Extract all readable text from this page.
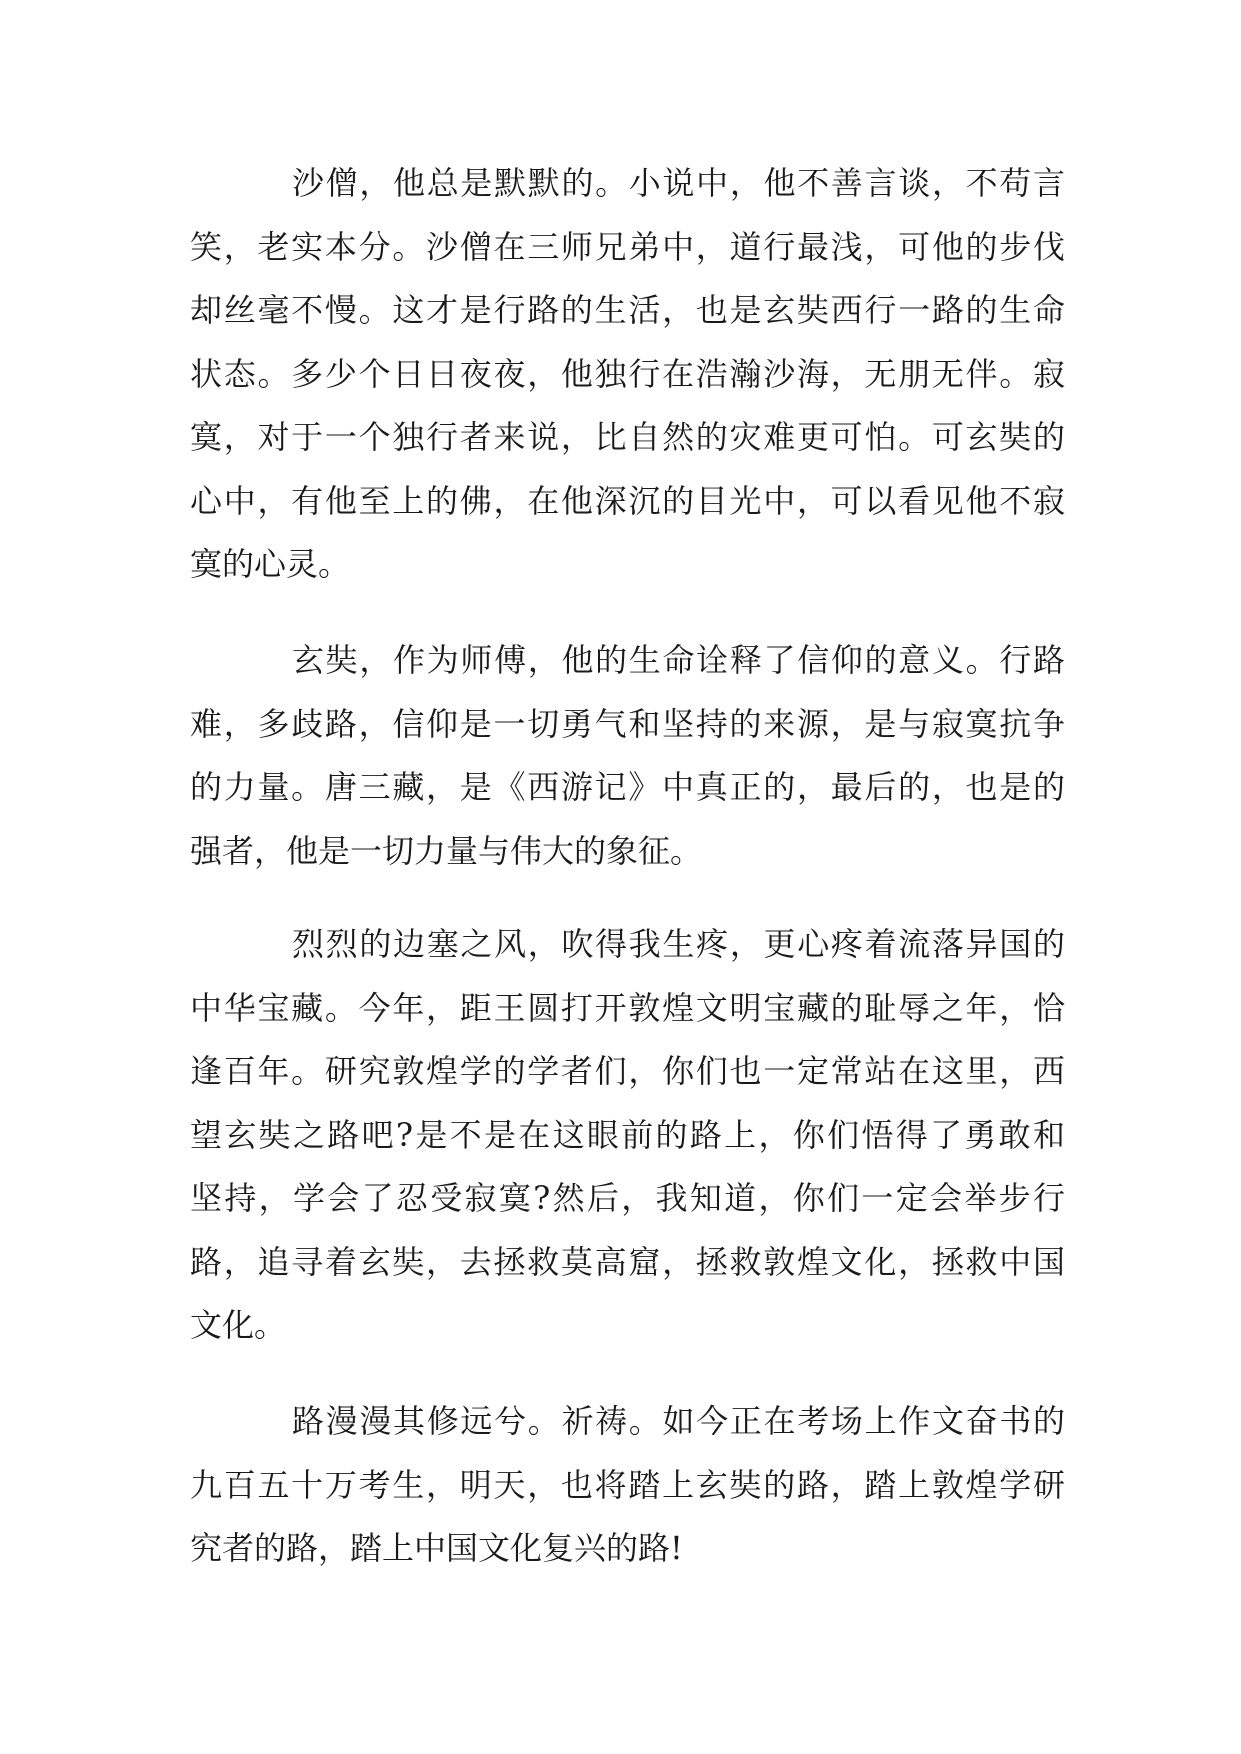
沙僧，他总是默默的。小说中，他不善言谈，不苟言
笑，老实本分。沙僧在三师兄弟中，道行最浅，可他的步伐
却丝毫不慢。这才是行路的生活，也是玄奘西行一路的生命
状态。多少个日日夜夜，他独行在浩瀚沙海，无朋无伴。寂
寞，对于一个独行者来说，比自然的灾难更可怕。可玄奘的
心中，有他至上的佛，在他深沉的目光中，可以看见他不寂
寞的心灵。
玄奘，作为师傅，他的生命诠释了信仰的意义。行路
难，多歧路，信仰是一切勇气和坚持的来源，是与寂寞抗争
的力量。唐三藏，是《西游记》中真正的，最后的，也是的
强者，他是一切力量与伟大的象征。
烈烈的边塞之风，吹得我生疼，更心疼着流落异国的
中华宝藏。今年，距王圆打开敦煌文明宝藏的耻辱之年，恰
逢百年。研究敦煌学的学者们，你们也一定常站在这里，西
望玄奘之路吧?是不是在这眼前的路上，你们悟得了勇敢和
坚持，学会了忍受寂寞?然后，我知道，你们一定会举步行
路，追寻着玄奘，去拯救莫高窟，拯救敦煌文化，拯救中国
文化。
路漫漫其修远兮。祈祷。如今正在考场上作文奋书的
九百五十万考生，明天，也将踏上玄奘的路，踏上敦煌学研
究者的路，踏上中国文化复兴的路!
